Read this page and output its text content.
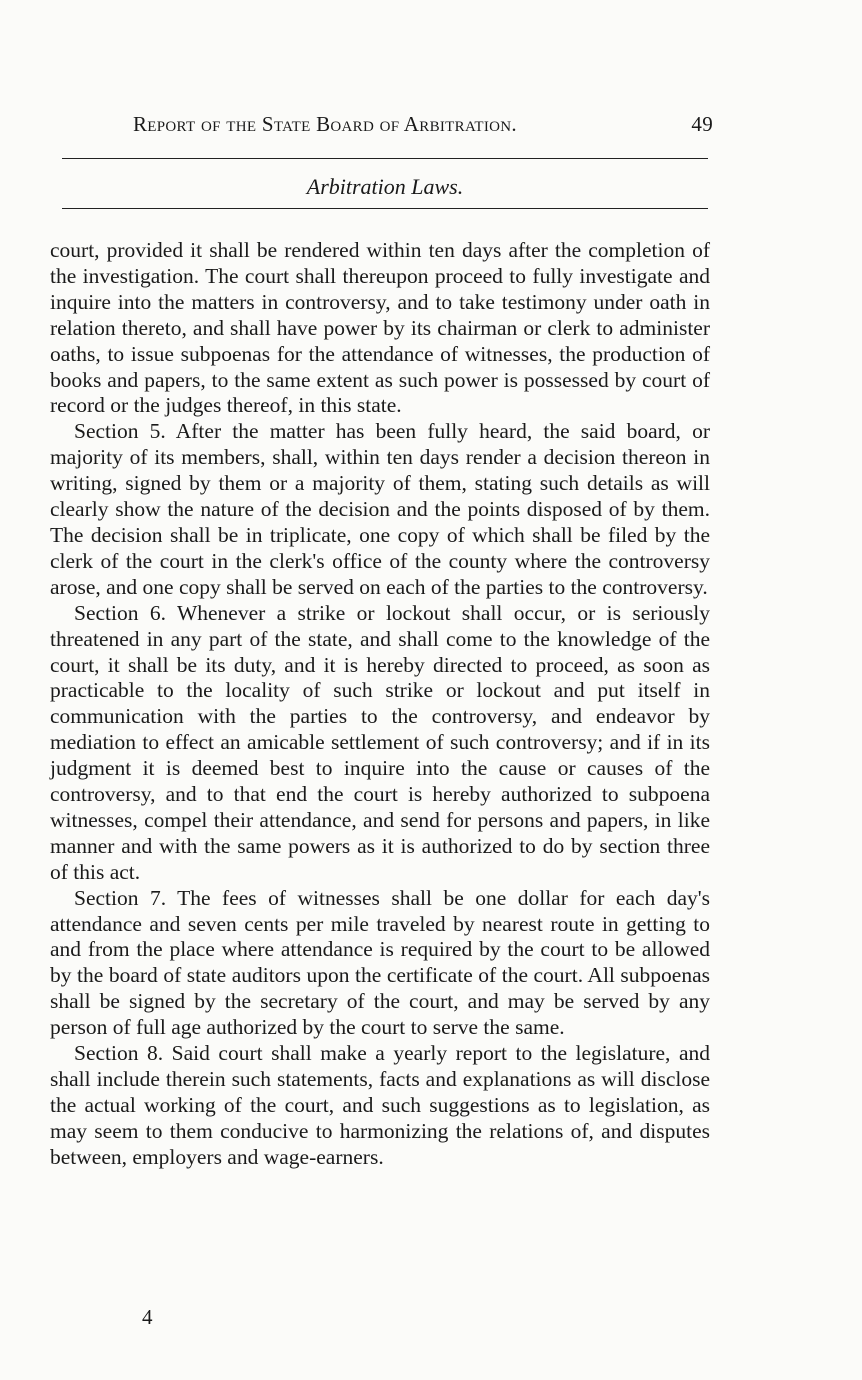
Report of the State Board of Arbitration.	49
Arbitration Laws.

court, provided it shall be rendered within ten days after the completion of the investigation. The court shall thereupon proceed to fully investigate and inquire into the matters in controversy, and to take testimony under oath in relation thereto, and shall have power by its chairman or clerk to administer oaths, to issue subpoenas for the attendance of witnesses, the production of books and papers, to the same extent as such power is possessed by court of record or the judges thereof, in this state.

Section 5. After the matter has been fully heard, the said board, or majority of its members, shall, within ten days render a decision thereon in writing, signed by them or a majority of them, stating such details as will clearly show the nature of the decision and the points disposed of by them. The decision shall be in triplicate, one copy of which shall be filed by the clerk of the court in the clerk's office of the county where the controversy arose, and one copy shall be served on each of the parties to the controversy.

Section 6. Whenever a strike or lockout shall occur, or is seriously threatened in any part of the state, and shall come to the knowledge of the court, it shall be its duty, and it is hereby directed to proceed, as soon as practicable to the locality of such strike or lockout and put itself in communication with the parties to the controversy, and endeavor by mediation to effect an amicable settlement of such controversy; and if in its judgment it is deemed best to inquire into the cause or causes of the controversy, and to that end the court is hereby authorized to subpoena witnesses, compel their attendance, and send for persons and papers, in like manner and with the same powers as it is authorized to do by section three of this act.

Section 7. The fees of witnesses shall be one dollar for each day's attendance and seven cents per mile traveled by nearest route in getting to and from the place where attendance is required by the court to be allowed by the board of state auditors upon the certificate of the court. All subpoenas shall be signed by the secretary of the court, and may be served by any person of full age authorized by the court to serve the same.

Section 8. Said court shall make a yearly report to the legislature, and shall include therein such statements, facts and explanations as will disclose the actual working of the court, and such suggestions as to legislation, as may seem to them conducive to harmonizing the relations of, and disputes between, employers and wage-earners.

4
